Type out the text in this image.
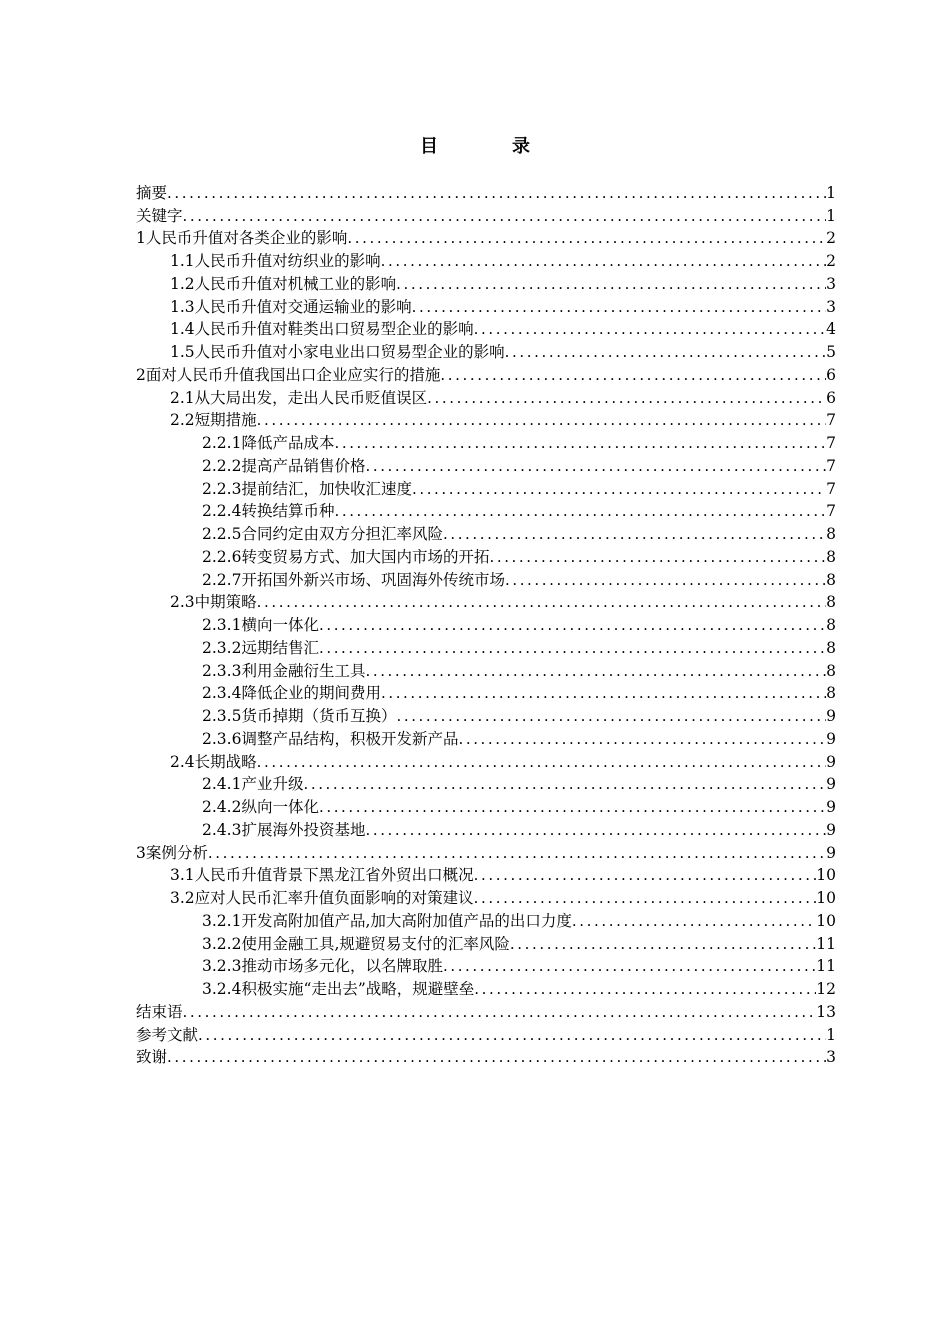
目　录
摘要 .....	1
关键字 .....	1
1人民币升值对各类企业的影响 .....	2
1.1人民币升值对纺织业的影响 .....	2
1.2人民币升值对机械工业的影响 .....	3
1.3人民币升值对交通运输业的影响 .....	3
1.4人民币升值对鞋类出口贸易型企业的影响 .....	4
1.5人民币升值对小家电业出口贸易型企业的影响 .....	5
2面对人民币升值我国出口企业应实行的措施 .....	6
2.1从大局出发，走出人民币贬值误区 .....	6
2.2短期措施 .....	7
2.2.1降低产品成本 .....	7
2.2.2提高产品销售价格 .....	7
2.2.3提前结汇，加快收汇速度 .....	7
2.2.4转换结算币种 .....	7
2.2.5合同约定由双方分担汇率风险 .....	8
2.2.6转变贸易方式、加大国内市场的开拓 .....	8
2.2.7开拓国外新兴市场、巩固海外传统市场 .....	8
2.3中期策略 .....	8
2.3.1横向一体化 .....	8
2.3.2远期结售汇 .....	8
2.3.3利用金融衍生工具 .....	8
2.3.4降低企业的期间费用 .....	8
2.3.5货币掉期（货币互换） .....	9
2.3.6调整产品结构，积极开发新产品 .....	9
2.4长期战略 .....	9
2.4.1产业升级 .....	9
2.4.2纵向一体化 .....	9
2.4.3扩展海外投资基地 .....	9
3案例分析 .....	9
3.1人民币升值背景下黑龙江省外贸出口概况 .....	10
3.2应对人民币汇率升值负面影响的对策建议 .....	10
3.2.1开发高附加值产品,加大高附加值产品的出口力度 .....	10
3.2.2使用金融工具,规避贸易支付的汇率风险 .....	11
3.2.3推动市场多元化，以名牌取胜 .....	11
3.2.4积极实施“走出去”战略，规避壁垒 .....	12
结束语 .....	13
参考文献 .....	1
致谢 .....	3
